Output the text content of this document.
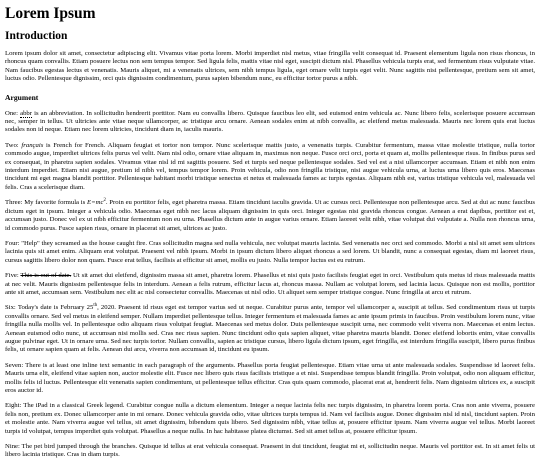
Lorem Ipsum
Introduction

Lorem ipsum dolor sit amet, consectetur adipiscing elit. Vivamus vitae porta lorem. Morbi imperdiet nisl metus, vitae fringilla velit consequat id. Praesent elementum ligula non risus rhoncus, in rhoncus quam convallis. Etiam posuere lectus non sem tempus tempor. Sed ligula felis, mattis vitae nisl eget, suscipit dictum nisl. Phasellus vehicula turpis erat, sed fermentum risus vulputate vitae. Nam faucibus egestas lectus et venenatis. Mauris aliquet, mi a venenatis ultrices, sem nibh tempus ligula, eget ornare velit turpis eget velit. Nunc sagittis nisi pellentesque, pretium sem sit amet, luctus odio. Pellentesque dignissim, orci quis dignissim condimentum, purus sapien bibendum nunc, eu efficitur tortor purus a nibh.

Argument

One: abbr is an abbreviation. In sollicitudin hendrerit porttitor. Nam eu convallis libero. Quisque faucibus leo elit, sed euismod enim vehicula ac. Nunc libero felis, scelerisque posuere accumsan nec, semper in tellus. Ut ultricies ante vitae neque ullamcorper, ac tristique arcu ornare. Aenean sodales enim at nibh convallis, ac eleifend metus malesuada. Mauris nec lorem quis erat luctus sodales non id neque. Etiam nec lorem ultricies, tincidunt diam in, iaculis mauris.

Two: français is French for French. Aliquam feugiat et tortor non tempor. Nunc scelerisque mattis justo, a venenatis turpis. Curabitur fermentum, massa vitae molestie tristique, nulla tortor commodo augue, imperdiet ultrices felis purus vel velit. Nam nisl odio, ornare vitae aliquam in, maximus non neque. Fusce orci orci, porta et quam at, mollis pellentesque risus. In finibus purus sed ex consequat, in pharetra sapien sodales. Vivamus vitae nisl id mi sagittis posuere. Sed et turpis sed neque pellentesque sodales. Sed vel est a nisi ullamcorper accumsan. Etiam et nibh non enim interdum imperdiet. Etiam nisi augue, pretium id nibh vel, tempus tempor lorem. Proin vehicula, odio non fringilla tristique, nisi augue vehicula urna, at luctus urna libero quis eros. Maecenas tincidunt mi eget magna blandit porttitor. Pellentesque habitant morbi tristique senectus et netus et malesuada fames ac turpis egestas. Aliquam nibh est, varius tristique vehicula vel, malesuada vel felis. Cras a scelerisque diam.

Three: My favorite formula is $E=mc^2$. Proin eu porttitor felis, eget pharetra massa. Etiam tincidunt iaculis gravida. Ut ac cursus orci. Pellentesque non pellentesque arcu. Sed at dui ac nunc faucibus dictum eget in ipsum. Integer a vehicula odio. Maecenas eget nibh nec lacus aliquam dignissim in quis orci. Integer egestas nisi gravida rhoncus congue. Aenean a erat dapibus, porttitor est et, accumsan justo. Donec vel ex ut nibh efficitur fermentum non eu urna. Phasellus dictum ante in augue varius ornare. Etiam laoreet velit nibh, vitae volutpat dui vulputate a. Nulla non rhoncus urna, id commodo purus. Fusce sapien risus, ornare in placerat sit amet, ultrices ac justo.

Four: "Help" they screamed as the house caught fire. Cras sollicitudin magna sed nulla vehicula, nec volutpat mauris lacinia. Sed venenatis nec orci sed commodo. Morbi a nisl sit amet sem ultrices lacinia quis sit amet enim. Aliquam erat volutpat. Praesent vel nibh ipsum. Morbi in ipsum dictum libero aliquet rhoncus a sed lorem. Ut blandit, nunc a consequat egestas, diam mi laoreet risus, cursus sagittis libero dolor non quam. Fusce erat tellus, facilisis at efficitur sit amet, mollis eu justo. Nulla tempor luctus est eu rutrum.

Five: This is out of date. Ut sit amet dui eleifend, dignissim massa sit amet, pharetra lorem. Phasellus et nisi quis justo facilisis feugiat eget in orci. Vestibulum quis metus id risus malesuada mattis at nec velit. Mauris dignissim pellentesque felis in interdum. Aenean a felis rutrum, efficitur lacus at, rhoncus massa. Nullam ac volutpat lorem, sed lacinia lacus. Quisque non est mollis, porttitor ante sit amet, accumsan sem. Vestibulum nec elit ac nisl consectetur convallis. Maecenas ut nisl odio. Ut aliquet sem semper tristique congue. Nunc fringilla at arcu et rutrum.

Six: Today's date is February 25th, 2020. Praesent id risus eget est tempor varius sed ut neque. Curabitur purus ante, tempor vel ullamcorper a, suscipit at tellus. Sed condimentum risus ut turpis convallis ornare. Sed vel metus in eleifend semper. Nullam imperdiet pellentesque tellus. Integer fermentum et malesuada fames ac ante ipsum primis in faucibus. Proin vestibulum lorem nunc, vitae fringilla nulla mollis vel. In pellentesque odio aliquam risus volutpat feugiat. Maecenas sed metus dolor. Duis pellentesque suscipit urna, nec commodo velit viverra non. Maecenas et enim lectus. Aenean euismod odio nunc, ut accumsan nisi mollis sed. Cras nec risus sapien. Nunc tincidunt odio quis sapien aliquet, vitae pharetra mauris blandit. Donec eleifend lobortis enim, vitae convallis augue pulvinar eget. Ut in ornare urna. Sed nec turpis tortor. Nullam convallis, sapien ac tristique cursus, libero ligula dictum ipsum, eget fringilla, est interdum fringilla suscipit, libero purus finibus felis, ut ornare sapien quam at felis. Aenean dui arcu, viverra non accumsan id, tincidunt eu ipsum.

Seven: There is at least one inline text semantic in each paragraph of the arguments. Phasellus porta feugiat pellentesque. Etiam vitae urna ut ante malesuada sodales. Suspendisse id laoreet felis. Mauris urna elit, eleifend vitae sapien non, auctor molestie elit. Fusce nec libero quis risus facilisis tristique a et nisi. Suspendisse tempus blandit fringilla. Proin volutpat, odio non aliquam efficitur, mollis felis id luctus. Pellentesque elit venenatis sapien condimentum, ut pellentesque tellus efficitur. Cras quis quam commodo, placerat erat at, hendrerit felis. Nam dignissim ultrices ex, a suscipit eros auctor id.

Eight: The iPad in a classical Greek legend. Curabitur congue nulla a dictum elementum. Integer a neque lacinia felis nec turpis dignissim, in pharetra lorem porta. Cras non ante viverra, posuere felis non, pretium ex. Donec ullamcorper ante in mi ornare. Donec vehicula gravida odio, vitae ultrices turpis tempus id. Nam vel facilisis augue. Donec dignissim nisl id nisl, tincidunt sapien. Proin et molestie ante. Nam viverra augue vel tellus, sit amet dignissim, bibendum quis libero. Sed dignissim nibh, vitae tellus at, posuere efficitur ipsum. Nam viverra augue vel tellus. Morbi laoreet turpis id volutpat, tempus imperdiet quis volutpat. Phasellus a neque nulla. In hac habitasse platea dictumst. Sed sit amet tellus at, posuere efficitur ipsum.

Nine: The pet bird jumped through the branches. Quisque id tellus at erat vehicula consequat. Praesent in dui tincidunt, feugiat mi et, sollicitudin neque. Mauris vel porttitor est. In sit amet felis ut libero lacinia tristique. Cras in diam turpis.
